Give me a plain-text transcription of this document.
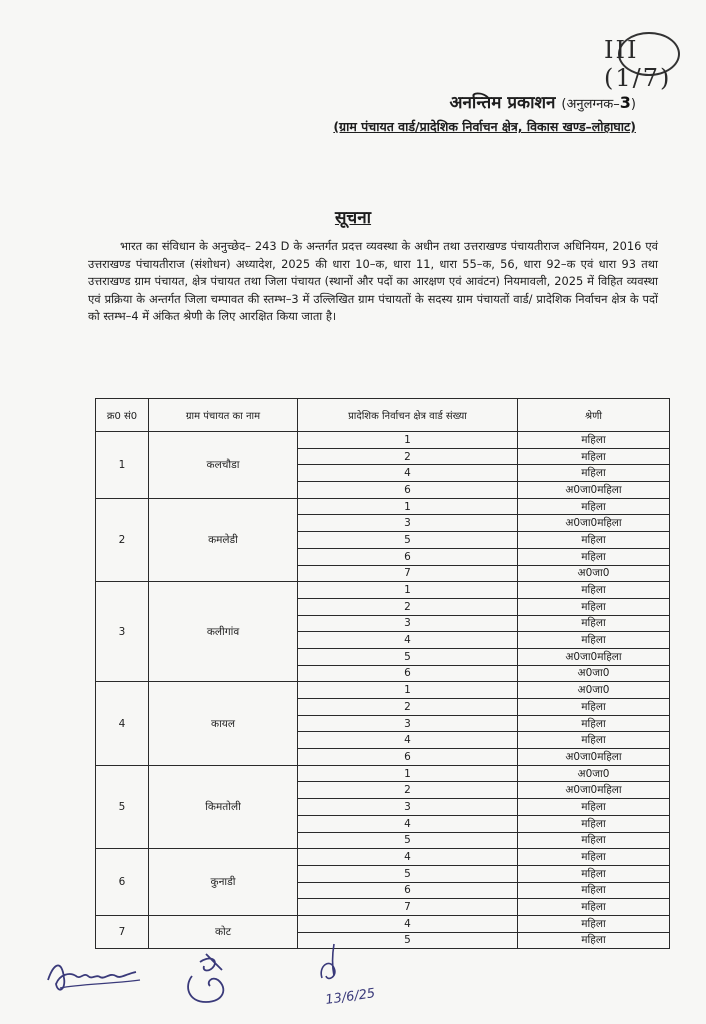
III (1/7)
अनन्तिम प्रकाशन (अनुलग्नक–3)
(ग्राम पंचायत वार्ड/प्रादेशिक निर्वाचन क्षेत्र, विकास खण्ड–लोहाघाट)
सूचना
भारत का संविधान के अनुच्छेद– 243 D के अन्तर्गत प्रदत्त व्यवस्था के अधीन तथा उत्तराखण्ड पंचायतीराज अधिनियम, 2016 एवं उत्तराखण्ड पंचायतीराज (संशोधन) अध्यादेश, 2025 की धारा 10–क, धारा 11, धारा 55–क, 56, धारा 92–क एवं धारा 93 तथा उत्तराखण्ड ग्राम पंचायत, क्षेत्र पंचायत तथा जिला पंचायत (स्थानों और पदों का आरक्षण एवं आवंटन) नियमावली, 2025 में विहित व्यवस्था एवं प्रक्रिया के अन्तर्गत जिला चम्पावत की स्तम्भ–3 में उल्लिखित ग्राम पंचायतों के सदस्य ग्राम पंचायतों वार्ड/ प्रादेशिक निर्वाचन क्षेत्र के पदों को स्तम्भ–4 में अंकित श्रेणी के लिए आरक्षित किया जाता है।
क्र0 सं0	ग्राम पंचायत का नाम	प्रादेशिक निर्वाचन क्षेत्र वार्ड संख्या	श्रेणी
1	कलचौडा	1	महिला
		2	महिला
		4	महिला
		6	अ0जा0महिला
2	कमलेडी	1	महिला
		3	अ0जा0महिला
		5	महिला
		6	महिला
		7	अ0जा0
3	कलीगांव	1	महिला
		2	महिला
		3	महिला
		4	महिला
		5	अ0जा0महिला
		6	अ0जा0
4	कायल	1	अ0जा0
		2	महिला
		3	महिला
		4	महिला
		6	अ0जा0महिला
5	किमतोली	1	अ0जा0
		2	अ0जा0महिला
		3	महिला
		4	महिला
		5	महिला
6	कुनाडी	4	महिला
		5	महिला
		6	महिला
		7	महिला
7	कोट	4	महिला
		5	महिला
13/6/25
